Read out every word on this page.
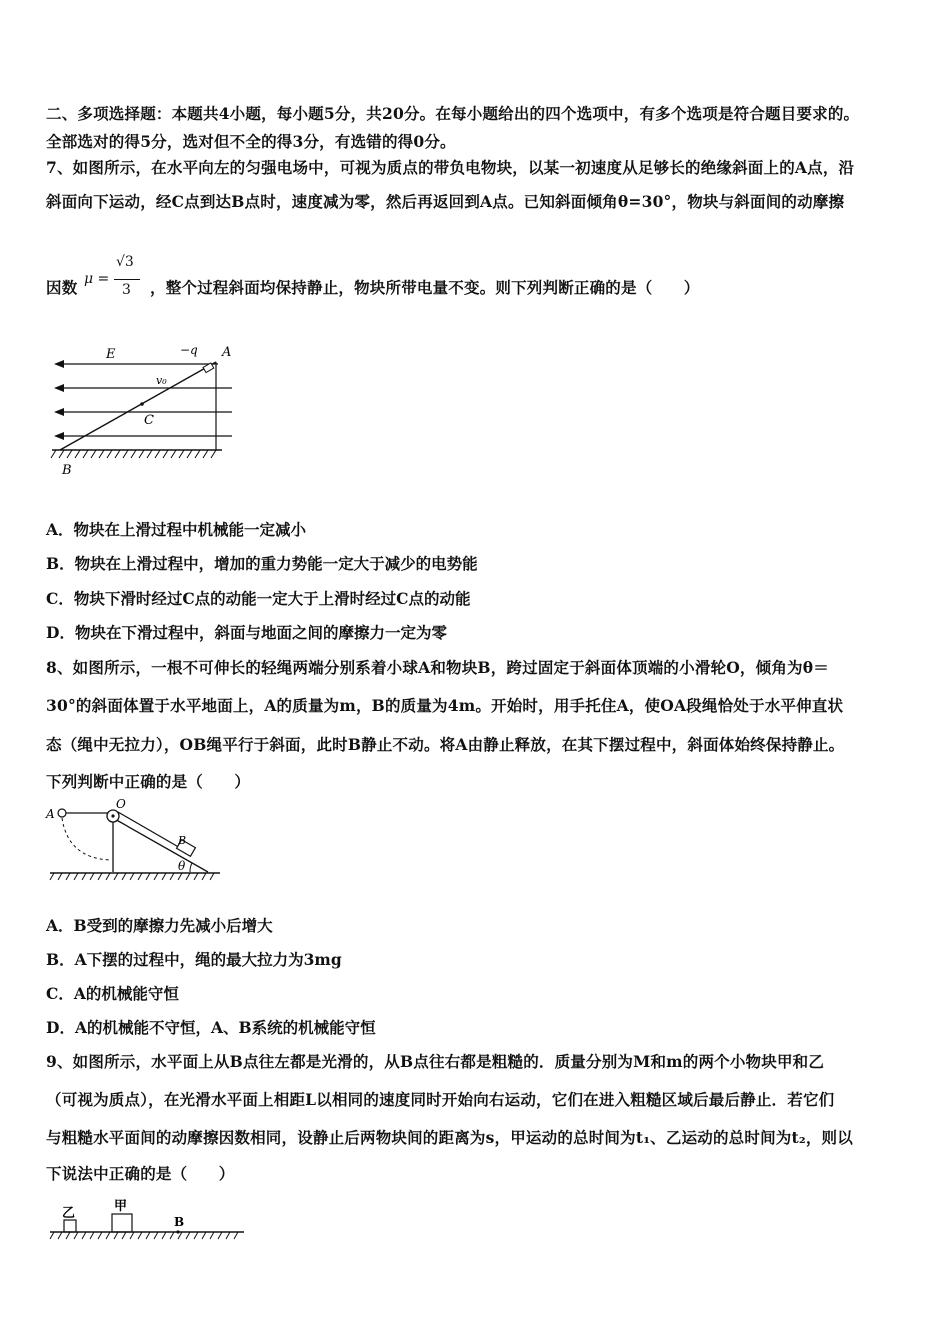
二、多项选择题：本题共4小题，每小题5分，共20分。在每小题给出的四个选项中，有多个选项是符合题目要求的。
全部选对的得5分，选对但不全的得3分，有选错的得0分。
7、如图所示，在水平向左的匀强电场中，可视为质点的带负电物块，以某一初速度从足够长的绝缘斜面上的A点，沿
斜面向下运动，经C点到达B点时，速度减为零，然后再返回到A点。已知斜面倾角θ=30°，物块与斜面间的动摩擦
因数 μ =
√3
3 ，整个过程斜面均保持静止，物块所带电量不变。则下列判断正确的是（　　）
E	−q A
v₀
C
B
A．物块在上滑过程中机械能一定减小
B．物块在上滑过程中，增加的重力势能一定大于减少的电势能
C．物块下滑时经过C点的动能一定大于上滑时经过C点的动能
D．物块在下滑过程中，斜面与地面之间的摩擦力一定为零
8、如图所示，一根不可伸长的轻绳两端分别系着小球A和物块B，跨过固定于斜面体顶端的小滑轮O，倾角为θ＝
30°的斜面体置于水平地面上，A的质量为m，B的质量为4m。开始时，用手托住A，使OA段绳恰处于水平伸直状
态（绳中无拉力），OB绳平行于斜面，此时B静止不动。将A由静止释放，在其下摆过程中，斜面体始终保持静止。
下列判断中正确的是（　　）
A
O
B
θ
A．B受到的摩擦力先减小后增大
B．A下摆的过程中，绳的最大拉力为3mg
C．A的机械能守恒
D．A的机械能不守恒，A、B系统的机械能守恒
9、如图所示，水平面上从B点往左都是光滑的，从B点往右都是粗糙的．质量分别为M和m的两个小物块甲和乙
（可视为质点），在光滑水平面上相距L以相同的速度同时开始向右运动，它们在进入粗糙区域后最后静止．若它们
与粗糙水平面间的动摩擦因数相同，设静止后两物块间的距离为s，甲运动的总时间为t₁、乙运动的总时间为t₂，则以
下说法中正确的是（　　）
乙	甲
B
